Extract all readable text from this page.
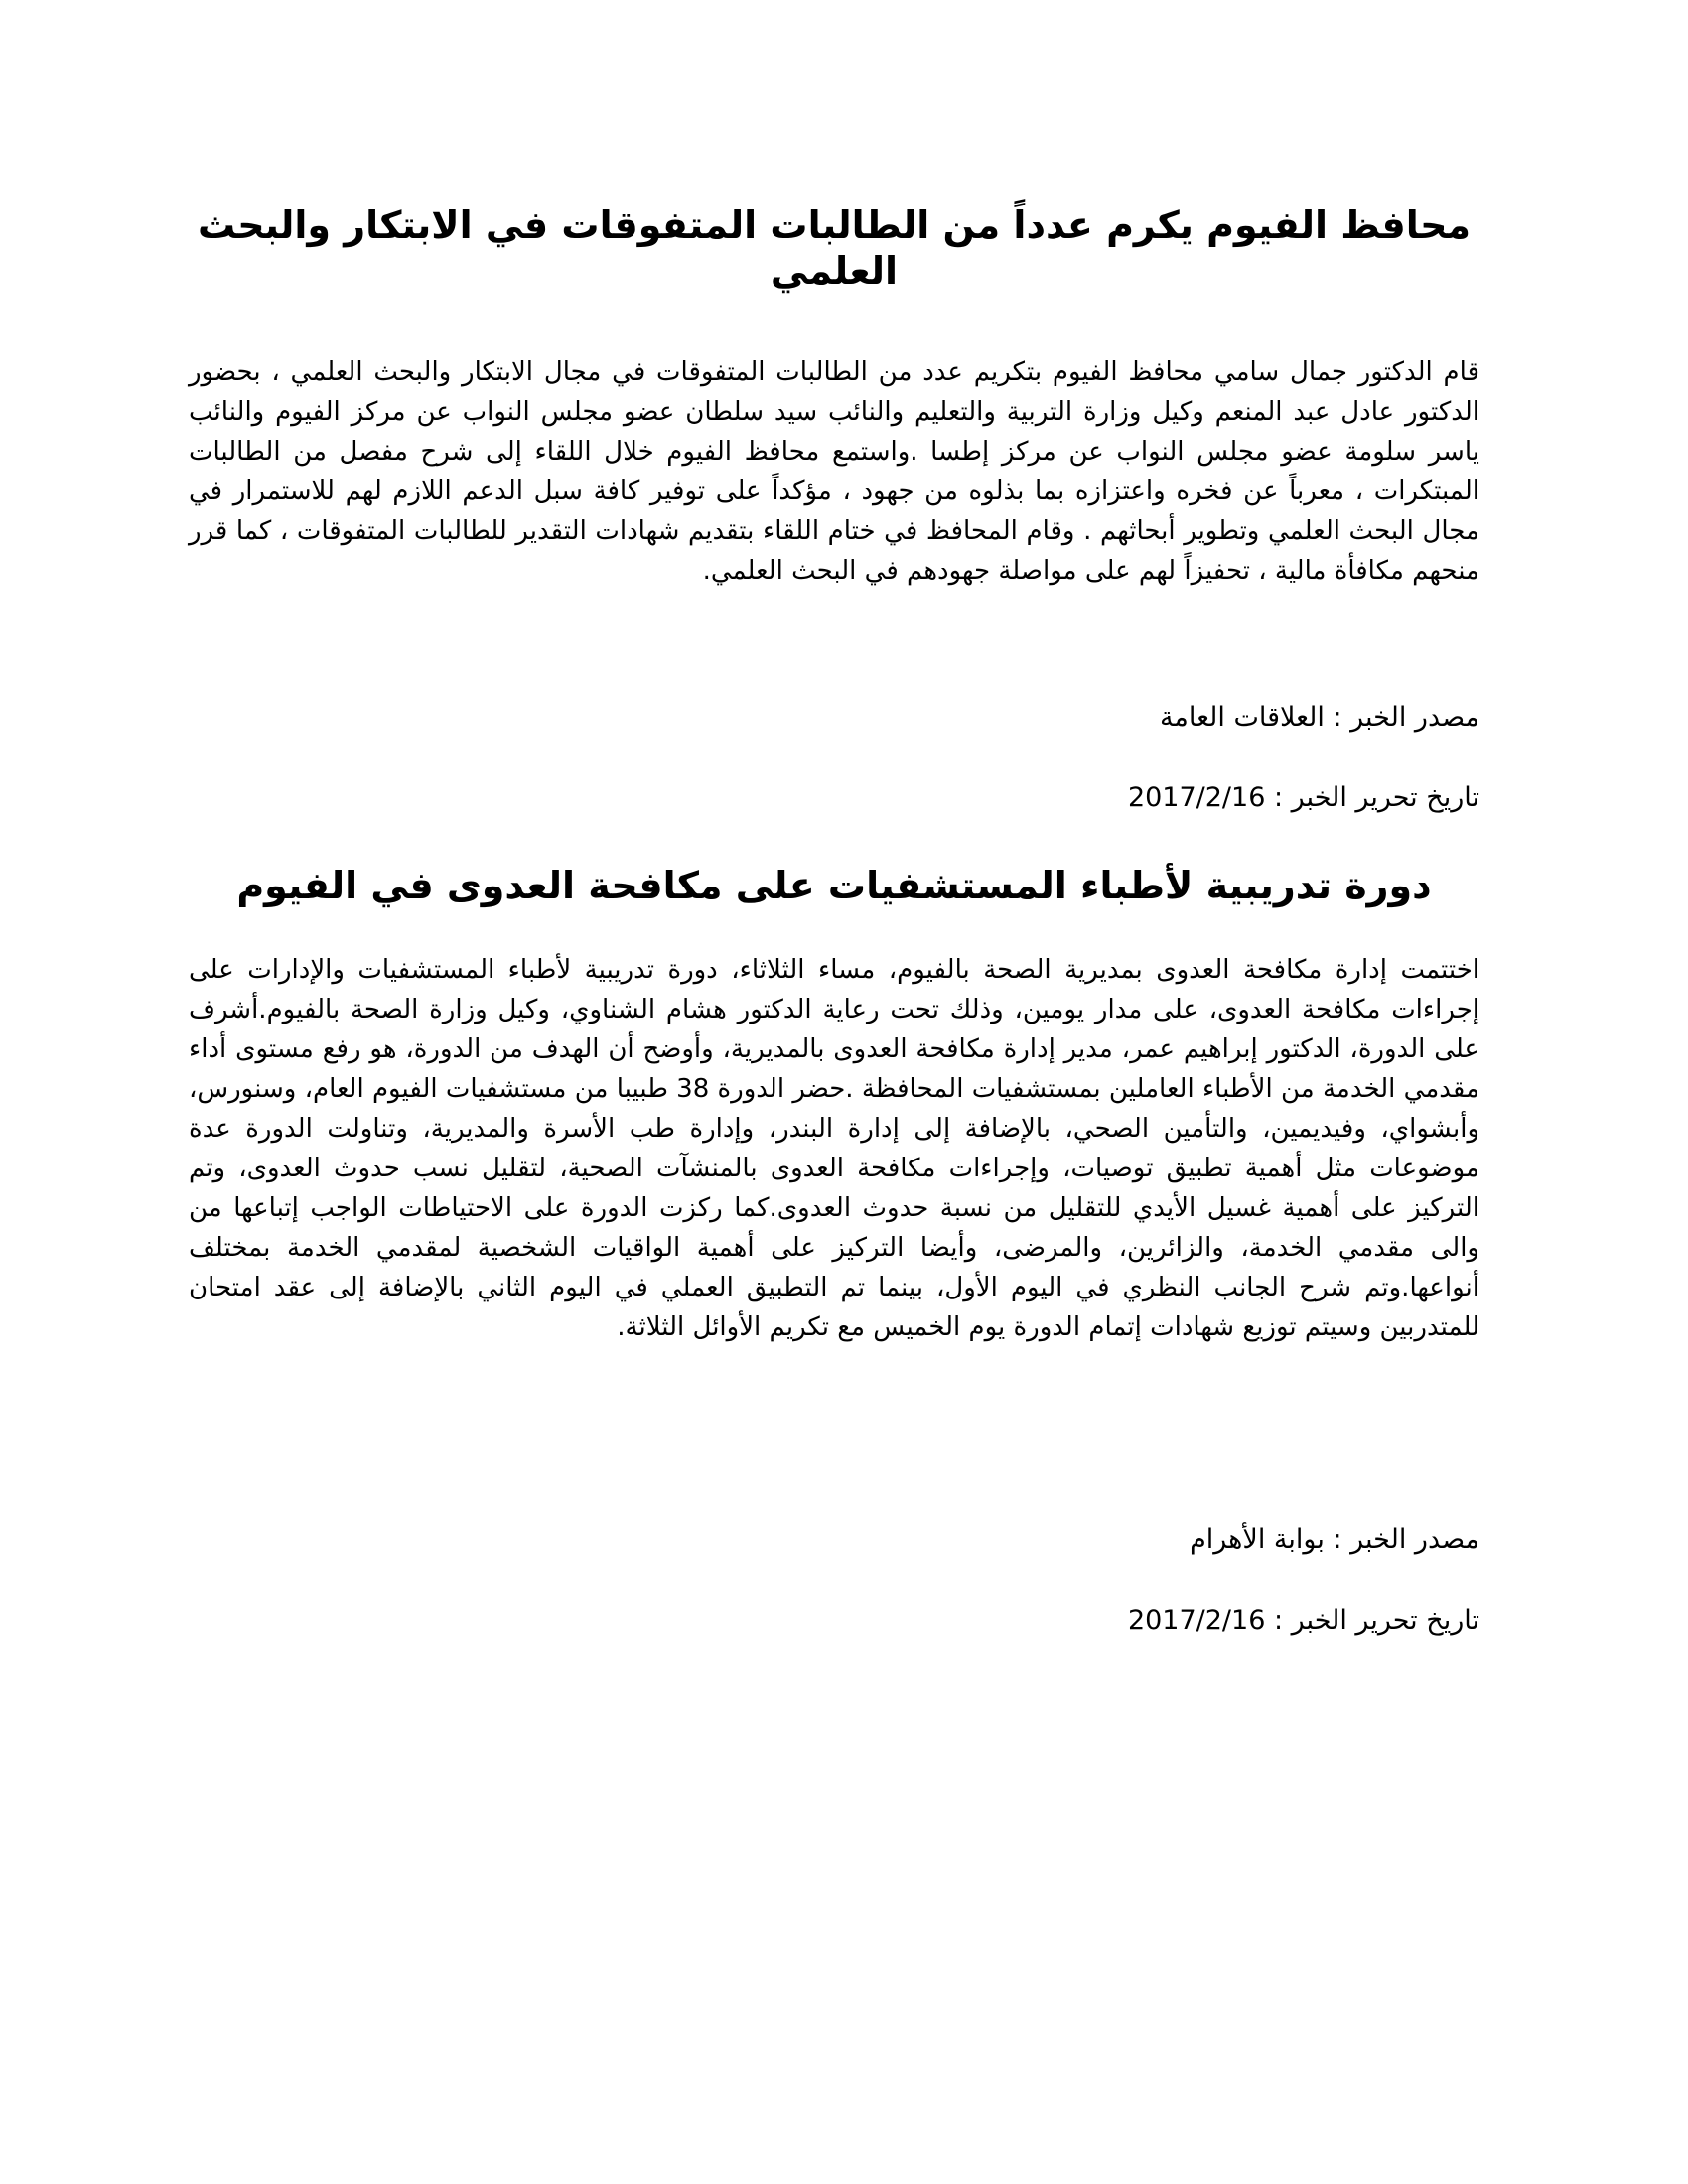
محافظ الفيوم يكرم عدداً من الطالبات المتفوقات في الابتكار والبحث العلمي

قام الدكتور جمال سامي محافظ الفيوم بتكريم عدد من الطالبات المتفوقات في مجال الابتكار والبحث العلمي ، بحضور الدكتور عادل عبد المنعم وكيل وزارة التربية والتعليم والنائب سيد سلطان عضو مجلس النواب عن مركز الفيوم والنائب ياسر سلومة عضو مجلس النواب عن مركز إطسا .واستمع محافظ الفيوم خلال اللقاء إلى شرح مفصل من الطالبات المبتكرات ، معرباً عن فخره واعتزازه بما بذلوه من جهود ، مؤكداً على توفير كافة سبل الدعم اللازم لهم للاستمرار في مجال البحث العلمي وتطوير أبحاثهم . وقام المحافظ في ختام اللقاء بتقديم شهادات التقدير للطالبات المتفوقات ، كما قرر منحهم مكافأة مالية ، تحفيزاً لهم على مواصلة جهودهم في البحث العلمي.

مصدر الخبر : العلاقات العامة

تاريخ تحرير الخبر : 2017/2/16

دورة تدريبية لأطباء المستشفيات على مكافحة العدوى في الفيوم

اختتمت إدارة مكافحة العدوى بمديرية الصحة بالفيوم، مساء الثلاثاء، دورة تدريبية لأطباء المستشفيات والإدارات على إجراءات مكافحة العدوى، على مدار يومين، وذلك تحت رعاية الدكتور هشام الشناوي، وكيل وزارة الصحة بالفيوم.أشرف على الدورة، الدكتور إبراهيم عمر، مدير إدارة مكافحة العدوى بالمديرية، وأوضح أن الهدف من الدورة، هو رفع مستوى أداء مقدمي الخدمة من الأطباء العاملين بمستشفيات المحافظة .حضر الدورة 38 طبيبا من مستشفيات الفيوم العام، وسنورس، وأبشواي، وفيديمين، والتأمين الصحي، بالإضافة إلى إدارة البندر، وإدارة طب الأسرة والمديرية، وتناولت الدورة عدة موضوعات مثل أهمية تطبيق توصيات، وإجراءات مكافحة العدوى بالمنشآت الصحية، لتقليل نسب حدوث العدوى، وتم التركيز على أهمية غسيل الأيدي للتقليل من نسبة حدوث العدوى.كما ركزت الدورة على الاحتياطات الواجب إتباعها من والى مقدمي الخدمة، والزائرين، والمرضى، وأيضا التركيز على أهمية الواقيات الشخصية لمقدمي الخدمة بمختلف أنواعها.وتم شرح الجانب النظري في اليوم الأول، بينما تم التطبيق العملي في اليوم الثاني بالإضافة إلى عقد امتحان للمتدربين وسيتم توزيع شهادات إتمام الدورة يوم الخميس مع تكريم الأوائل الثلاثة.

مصدر الخبر : بوابة الأهرام

تاريخ تحرير الخبر : 2017/2/16
